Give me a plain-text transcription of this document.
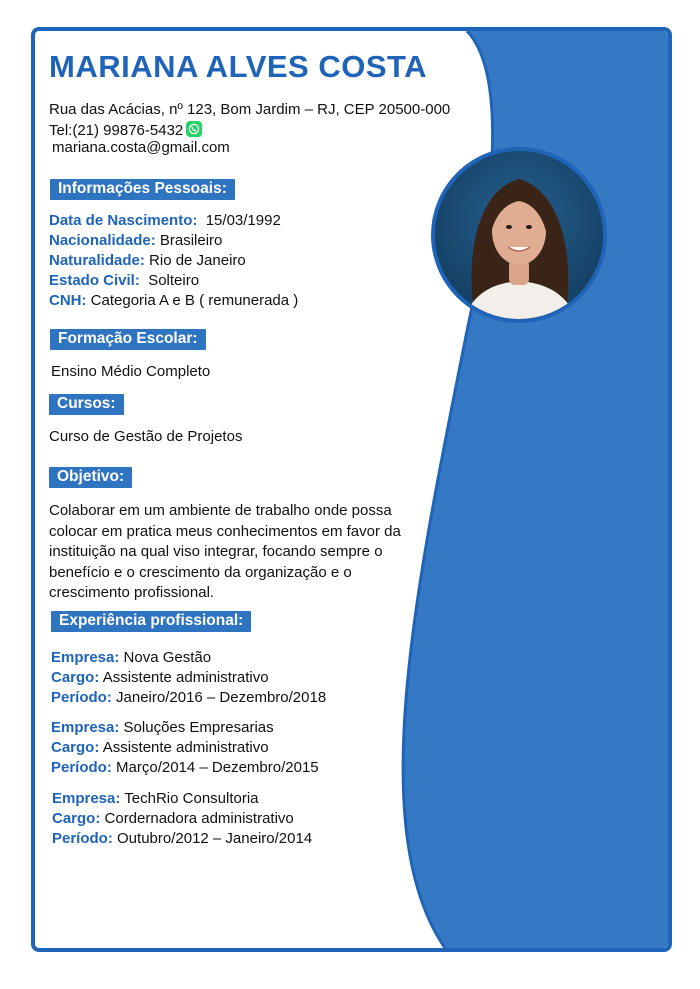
MARIANA ALVES COSTA
Rua das Acácias, nº 123, Bom Jardim – RJ, CEP 20500-000
Tel:(21) 99876-5432
mariana.costa@gmail.com
Informações Pessoais:
Data de Nascimento: 15/03/1992
Nacionalidade: Brasileiro
Naturalidade: Rio de Janeiro
Estado Civil: Solteiro
CNH: Categoria A e B ( remunerada )
Formação Escolar:
Ensino Médio Completo
Cursos:
Curso de Gestão de Projetos
Objetivo:
Colaborar em um ambiente de trabalho onde possa
colocar em pratica meus conhecimentos em favor da
instituição na qual viso integrar, focando sempre o
benefício e o crescimento da organização e o
crescimento profissional.
Experiência profissional:
Empresa: Nova Gestão
Cargo: Assistente administrativo
Período: Janeiro/2016 – Dezembro/2018
Empresa: Soluções Empresarias
Cargo: Assistente administrativo
Período: Março/2014 – Dezembro/2015
Empresa: TechRio Consultoria
Cargo: Cordernadora administrativo
Período: Outubro/2012 – Janeiro/2014
